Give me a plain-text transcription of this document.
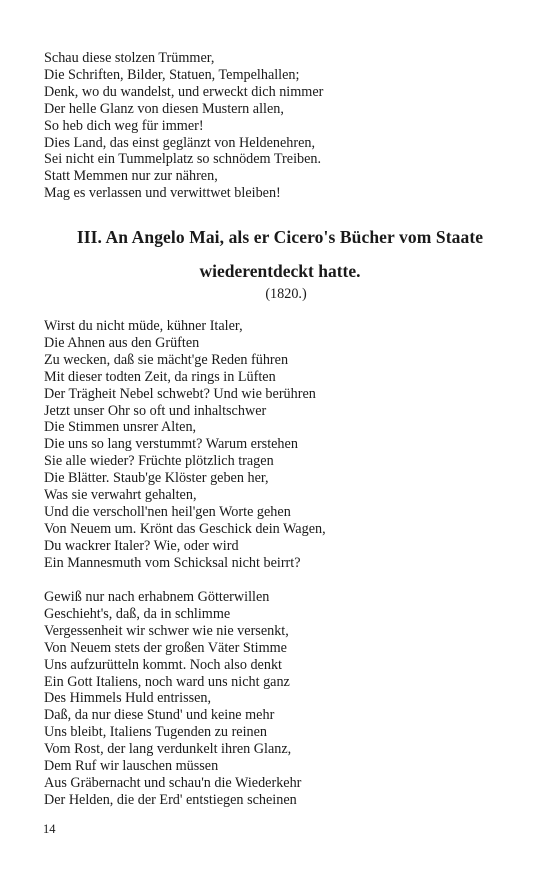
Schau diese stolzen Trümmer,
Die Schriften, Bilder, Statuen, Tempelhallen;
Denk, wo du wandelst, und erweckt dich nimmer
Der helle Glanz von diesen Mustern allen,
So heb dich weg für immer!
Dies Land, das einst geglänzt von Heldenehren,
Sei nicht ein Tummelplatz so schnödem Treiben.
Statt Memmen nur zur nähren,
Mag es verlassen und verwittwet bleiben!
III. An Angelo Mai, als er Cicero's Bücher vom Staate
wiederentdeckt hatte.
(1820.)
Wirst du nicht müde, kühner Italer,
Die Ahnen aus den Grüften
Zu wecken, daß sie mächt'ge Reden führen
Mit dieser todten Zeit, da rings in Lüften
Der Trägheit Nebel schwebt? Und wie berühren
Jetzt unser Ohr so oft und inhaltschwer
Die Stimmen unsrer Alten,
Die uns so lang verstummt? Warum erstehen
Sie alle wieder? Früchte plötzlich tragen
Die Blätter. Staub'ge Klöster geben her,
Was sie verwahrt gehalten,
Und die verscholl'nen heil'gen Worte gehen
Von Neuem um. Krönt das Geschick dein Wagen,
Du wackrer Italer? Wie, oder wird
Ein Mannesmuth vom Schicksal nicht beirrt?
Gewiß nur nach erhabnem Götterwillen
Geschieht's, daß, da in schlimme
Vergessenheit wir schwer wie nie versenkt,
Von Neuem stets der großen Väter Stimme
Uns aufzurütteln kommt. Noch also denkt
Ein Gott Italiens, noch ward uns nicht ganz
Des Himmels Huld entrissen,
Daß, da nur diese Stund' und keine mehr
Uns bleibt, Italiens Tugenden zu reinen
Vom Rost, der lang verdunkelt ihren Glanz,
Dem Ruf wir lauschen müssen
Aus Gräbernacht und schau'n die Wiederkehr
Der Helden, die der Erd' entstiegen scheinen
14
